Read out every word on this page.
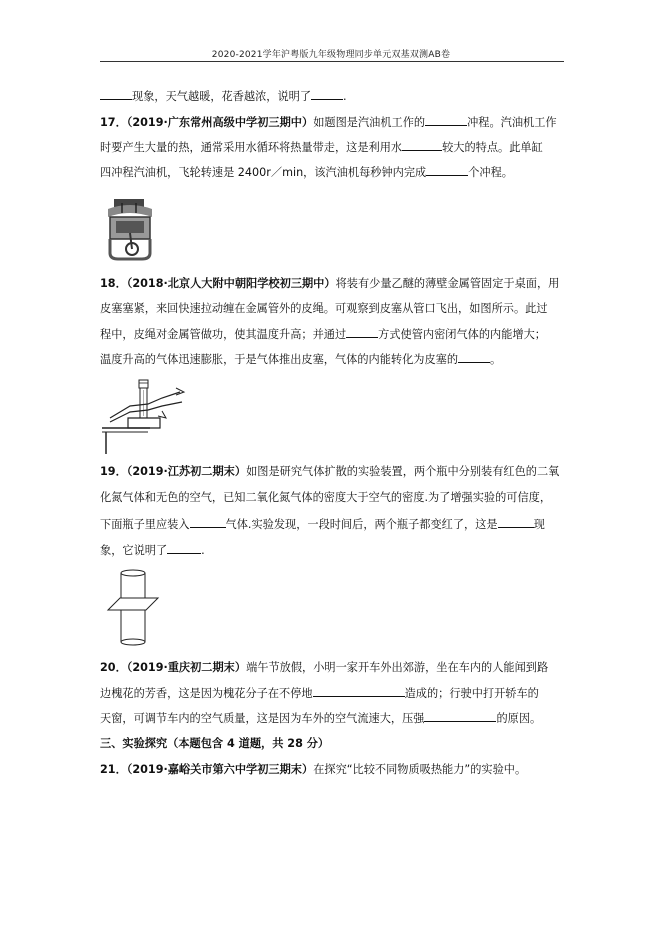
2020-2021学年沪粤版九年级物理同步单元双基双测AB卷
现象，天气越暖，花香越浓，说明了	.
17．（2019·广东常州高级中学初三期中）如题图是汽油机工作的	冲程。汽油机工作
时要产生大量的热，通常采用水循环将热量带走，这是利用水	较大的特点。此单缸
四冲程汽油机，飞轮转速是 2400r／min，该汽油机每秒钟内完成	个冲程。
18．（2018·北京人大附中朝阳学校初三期中）将装有少量乙醚的薄壁金属管固定于桌面，用
皮塞塞紧，来回快速拉动缠在金属管外的皮绳。可观察到皮塞从管口飞出，如图所示。此过
程中，皮绳对金属管做功，使其温度升高；并通过	方式使管内密闭气体的内能增大；
温度升高的气体迅速膨胀，于是气体推出皮塞，气体的内能转化为皮塞的	。
19．（2019·江苏初二期末）如图是研究气体扩散的实验装置，两个瓶中分别装有红色的二氧
化氮气体和无色的空气，已知二氧化氮气体的密度大于空气的密度.为了增强实验的可信度，
下面瓶子里应装入	气体.实验发现，一段时间后，两个瓶子都变红了，这是	现
象，它说明了	.
20．（2019·重庆初二期末）端午节放假，小明一家开车外出郊游，坐在车内的人能闻到路
边槐花的芳香，这是因为槐花分子在不停地	造成的；行驶中打开轿车的
天窗，可调节车内的空气质量，这是因为车外的空气流速大，压强	的原因。
三、实验探究（本题包含 4 道题，共 28 分）
21．（2019·嘉峪关市第六中学初三期末）在探究“比较不同物质吸热能力”的实验中。
